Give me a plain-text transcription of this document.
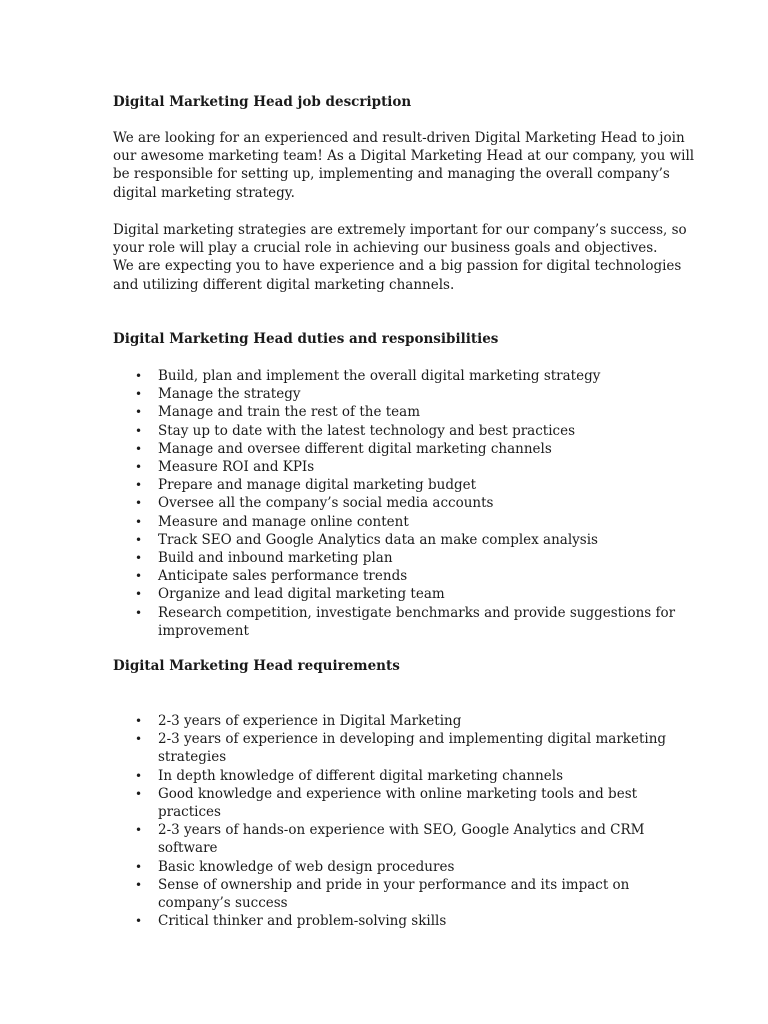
Digital Marketing Head job description

We are looking for an experienced and result-driven Digital Marketing Head to join
our awesome marketing team! As a Digital Marketing Head at our company, you will
be responsible for setting up, implementing and managing the overall company’s
digital marketing strategy.

Digital marketing strategies are extremely important for our company’s success, so
your role will play a crucial role in achieving our business goals and objectives.
We are expecting you to have experience and a big passion for digital technologies
and utilizing different digital marketing channels.

Digital Marketing Head duties and responsibilities
• Build, plan and implement the overall digital marketing strategy
• Manage the strategy
• Manage and train the rest of the team
• Stay up to date with the latest technology and best practices
• Manage and oversee different digital marketing channels
• Measure ROI and KPIs
• Prepare and manage digital marketing budget
• Oversee all the company’s social media accounts
• Measure and manage online content
• Track SEO and Google Analytics data an make complex analysis
• Build and inbound marketing plan
• Anticipate sales performance trends
• Organize and lead digital marketing team
• Research competition, investigate benchmarks and provide suggestions for
improvement
Digital Marketing Head requirements
• 2-3 years of experience in Digital Marketing
• 2-3 years of experience in developing and implementing digital marketing
strategies
• In depth knowledge of different digital marketing channels
• Good knowledge and experience with online marketing tools and best
practices
• 2-3 years of hands-on experience with SEO, Google Analytics and CRM
software
• Basic knowledge of web design procedures
• Sense of ownership and pride in your performance and its impact on
company’s success
• Critical thinker and problem-solving skills
